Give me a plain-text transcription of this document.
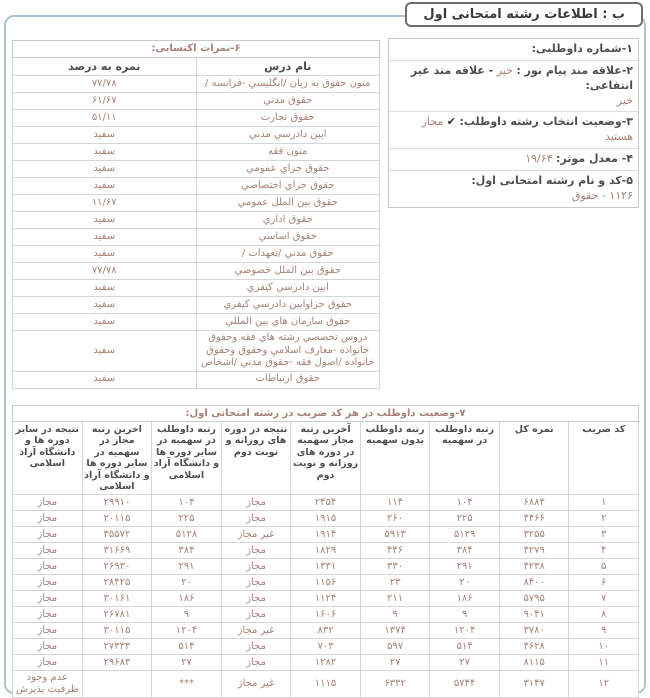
ب : اطلاعات رشته امتحانی اول
۱-شماره داوطلبی:
۲-علاقه مند پیام نور : خیر - علاقه مند غیر انتفاعی:
خیر
۳-وضعیت انتخاب رشته داوطلب: ✔ مجاز هستید
۴- معدل موثر: ۱۹/۶۴
۵-کد و نام رشته امتحانی اول:
۱۱۲۶ - حقوق
۶-نمرات اکتسابی:	
نام درس	نمره به درصد
متون حقوق به زبان /انگلیسي -فرانسه /	۷۷/۷۸
حقوق مدني	۶۱/۶۷
حقوق تجارت	۵۱/۱۱
ایین دادرسي مدني	سفید
متون فقه	سفید
حقوق جزاي عمومي	سفید
حقوق جزاي اختصاصي	سفید
حقوق بین الملل عمومي	۱۱/۶۷
حقوق اداري	سفید
حقوق اساسي	سفید
حقوق مدني /تعهدات /	سفید
حقوق بین الملل خصوصي	۷۷/۷۸
ایین دادرسي کیفري	سفید
حقوق جزاوایین دادرسي کیفري	سفید
حقوق سازمان هاي بین المللي	سفید
دروس تخصصي رشته هاي فقه وحقوق خانواده -معارف اسلامي وحقوق وحقوق خانواده /اصول فقه -حقوق مدني /اشخاص	سفید
حقوق ارتباطات	سفید
۷-وضعیت داوطلب در هر کد ضریب در رشته امتحانی اول:								
کد ضریب	نمره کل	رتبه داوطلب در سهمیه	رتبه داوطلب بدون سهمیه	آخرین رتبه مجاز سهمیه در دوره های روزانه و نوبت دوم	نتیجه در دوره های روزانه و نوبت دوم	رتبه داوطلب در سهمیه در سایر دوره ها و دانشگاه آزاد اسلامی	اخرین رتبه مجاز در سهمیه در سایر دوره ها و دانشگاه آزاد اسلامی	نتیجه در سایر دوره ها و دانشگاه آزاد اسلامی
۱	۶۸۸۴	۱۰۴	۱۱۴	۲۴۵۴	مجاز	۱۰۴	۲۹۹۱۰	مجاز
۲	۴۴۶۶	۲۲۵	۲۶۰	۱۹۱۵	مجاز	۲۲۵	۲۰۱۱۵	مجاز
۳	۳۲۵۵	۵۱۲۹	۵۹۱۳	۱۹۱۴	غیر مجاز	۵۱۲۸	۳۵۵۷۲	مجاز
۴	۴۲۷۹	۳۸۴	۴۴۶	۱۸۲۹	مجاز	۳۸۴	۳۱۶۶۹	مجاز
۵	۴۲۳۸	۲۹۱	۳۳۰	۱۳۳۱	مجاز	۲۹۱	۲۶۹۳۰	مجاز
۶	۸۴۰۰	۲۰	۲۳	۱۱۵۶	مجاز	۲۰	۲۸۴۲۵	مجاز
۷	۵۷۹۵	۱۸۶	۲۱۱	۱۱۲۴	مجاز	۱۸۶	۳۰۱۶۱	مجاز
۸	۹۰۴۱	۹	۹	۱۶۰۶	مجاز	۹	۲۶۷۸۱	مجاز
۹	۳۷۸۰	۱۲۰۴	۱۳۷۴	۸۳۲	غیر مجاز	۱۲۰۴	۳۰۱۱۵	مجاز
۱۰	۴۶۲۸	۵۱۴	۵۹۷	۷۰۳	مجاز	۵۱۴	۲۷۳۳۳	مجاز
۱۱	۸۱۱۵	۲۷	۲۷	۱۲۸۲	مجاز	۲۷	۲۹۶۸۳	مجاز
۱۲	۳۱۴۷	۵۷۴۴	۶۳۳۲	۱۱۱۵	غیر مجاز	***		عدم وجود ظرفیت پذیرش
